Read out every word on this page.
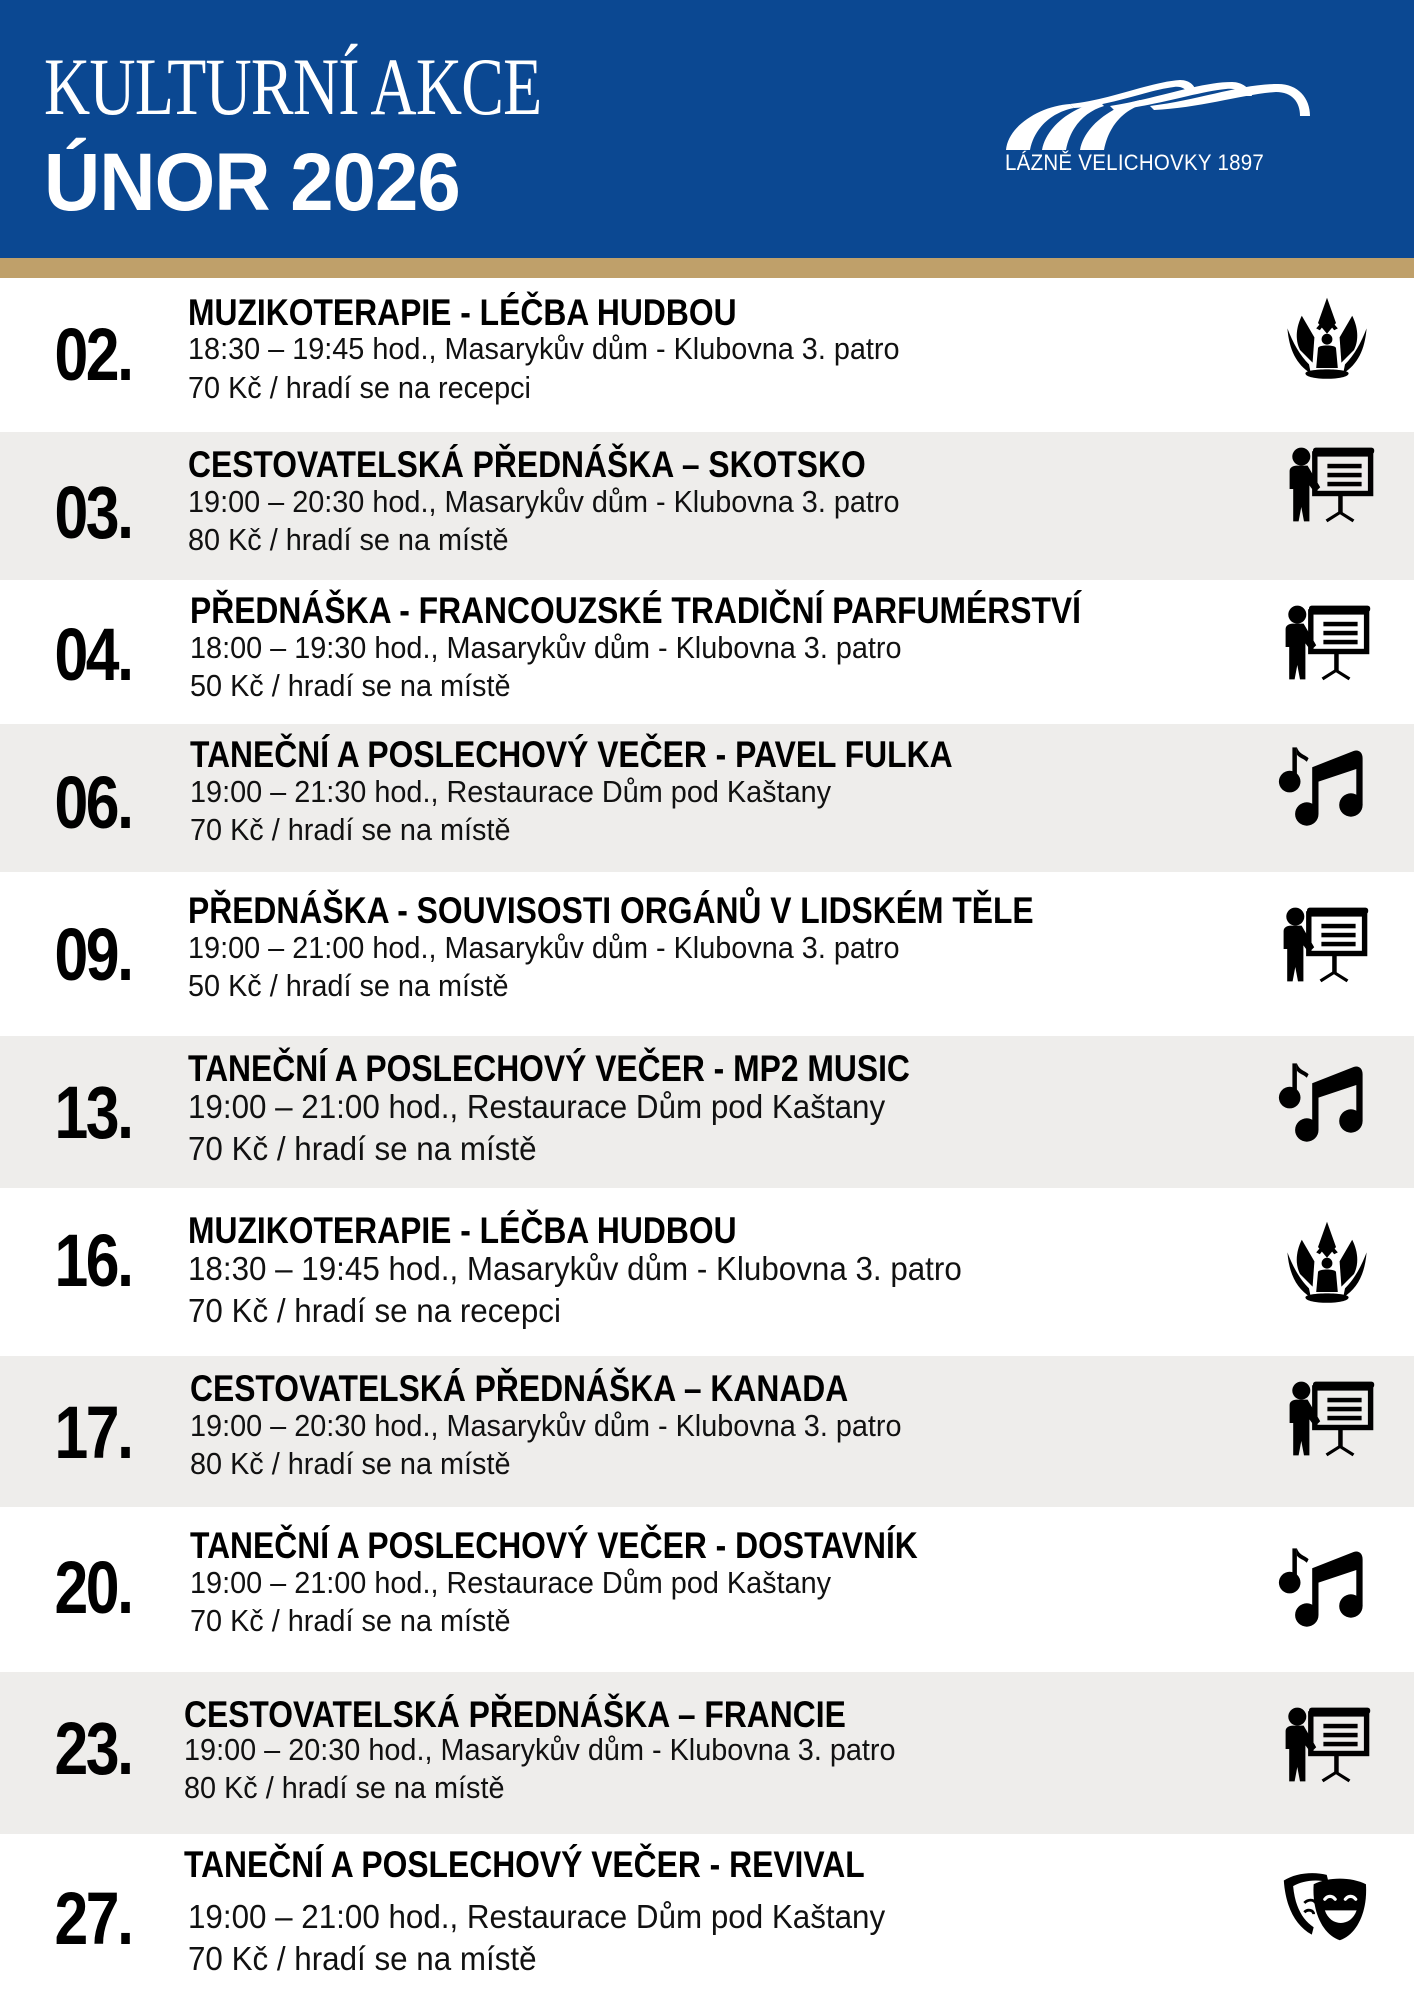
KULTURNÍ AKCE
ÚNOR 2026	LÁZNĚ VELICHOVKY 1897
02.
MUZIKOTERAPIE - LÉČBA HUDBOU
18:30 – 19:45 hod., Masarykův dům - Klubovna 3. patro
70 Kč / hradí se na recepci
03.
CESTOVATELSKÁ PŘEDNÁŠKA – SKOTSKO
19:00 – 20:30 hod., Masarykův dům - Klubovna 3. patro
80 Kč / hradí se na místě
04.
PŘEDNÁŠKA - FRANCOUZSKÉ TRADIČNÍ PARFUMÉRSTVÍ
18:00 – 19:30 hod., Masarykův dům - Klubovna 3. patro
50 Kč / hradí se na místě
06.
TANEČNÍ A POSLECHOVÝ VEČER - PAVEL FULKA
19:00 – 21:30 hod., Restaurace Dům pod Kaštany
70 Kč / hradí se na místě
09.
PŘEDNÁŠKA - SOUVISOSTI ORGÁNŮ V LIDSKÉM TĚLE
19:00 – 21:00 hod., Masarykův dům - Klubovna 3. patro
50 Kč / hradí se na místě
13.
TANEČNÍ A POSLECHOVÝ VEČER - MP2 MUSIC
19:00 – 21:00 hod., Restaurace Dům pod Kaštany
70 Kč / hradí se na místě
16.	MUZIKOTERAPIE - LÉČBA HUDBOU
18:30 – 19:45 hod., Masarykův dům - Klubovna 3. patro
70 Kč / hradí se na recepci
17.
CESTOVATELSKÁ PŘEDNÁŠKA – KANADA
19:00 – 20:30 hod., Masarykův dům - Klubovna 3. patro
80 Kč / hradí se na místě
20.
TANEČNÍ A POSLECHOVÝ VEČER - DOSTAVNÍK
19:00 – 21:00 hod., Restaurace Dům pod Kaštany
70 Kč / hradí se na místě
23.	CESTOVATELSKÁ PŘEDNÁŠKA – FRANCIE
19:00 – 20:30 hod., Masarykův dům - Klubovna 3. patro
80 Kč / hradí se na místě
27.
TANEČNÍ A POSLECHOVÝ VEČER - REVIVAL
19:00 – 21:00 hod., Restaurace Dům pod Kaštany
70 Kč / hradí se na místě
